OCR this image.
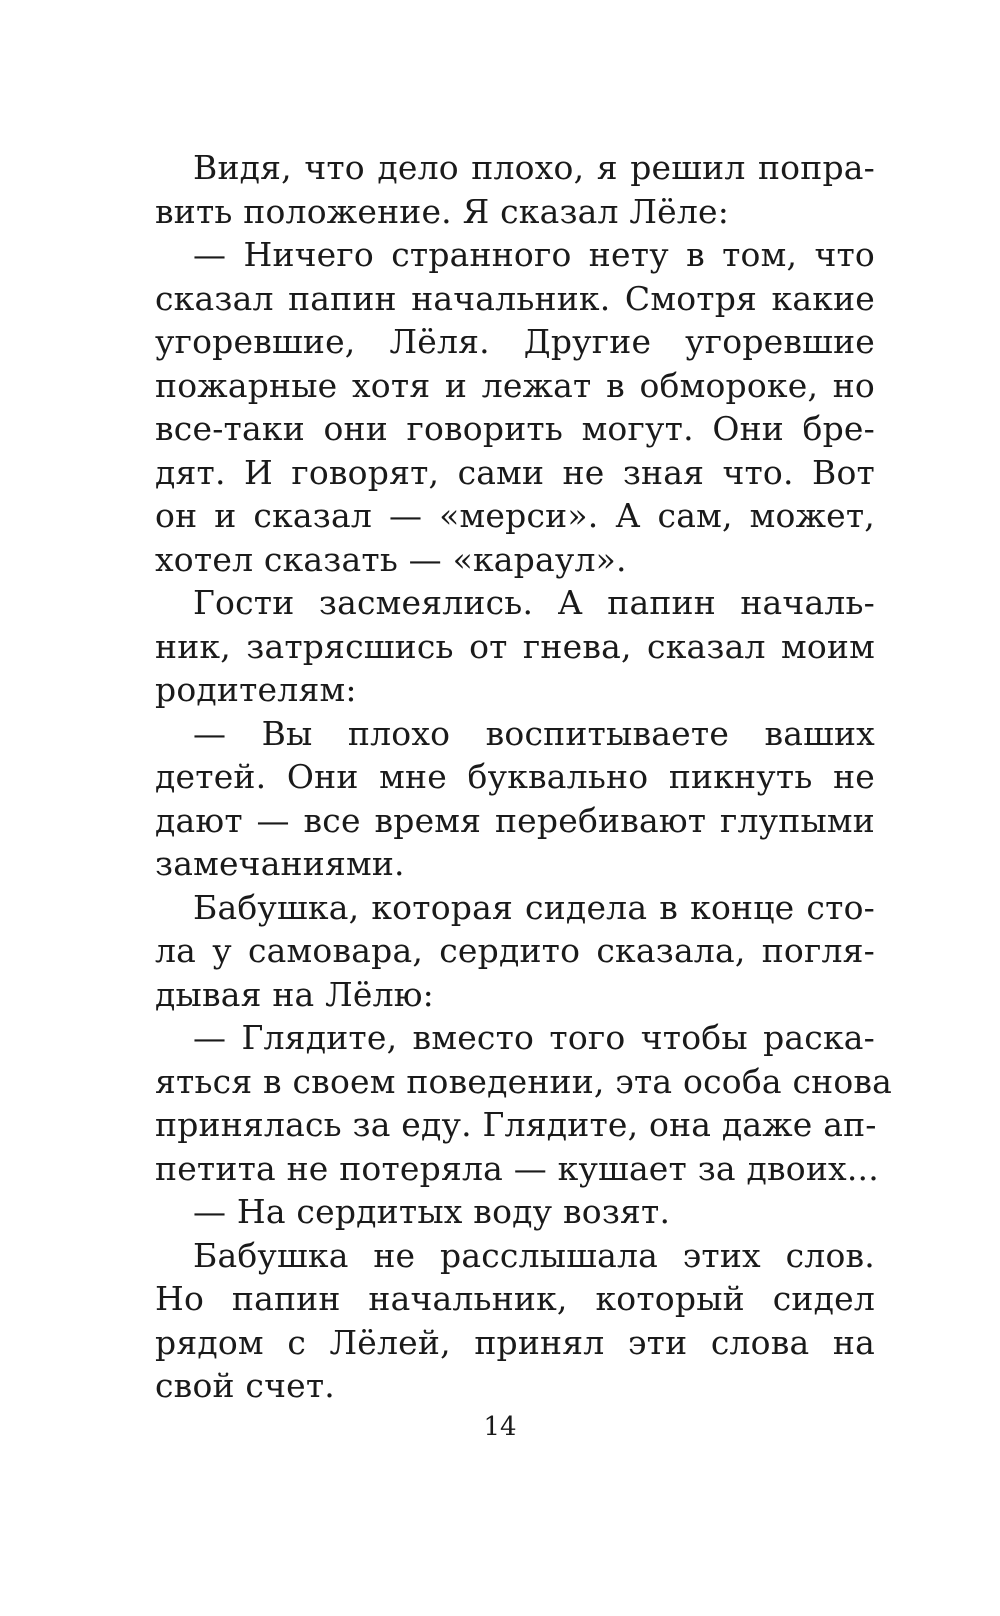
Видя, что дело плохо, я решил попра-
вить положение. Я сказал Лёле:
— Ничего странного нету в том, что
сказал папин начальник. Смотря какие
угоревшие, Лёля. Другие угоревшие
пожарные хотя и лежат в обмороке, но
все-таки они говорить могут. Они бре-
дят. И говорят, сами не зная что. Вот
он и сказал — «мерси». А сам, может,
хотел сказать — «караул».
Гости засмеялись. А папин началь-
ник, затрясшись от гнева, сказал моим
родителям:
— Вы плохо воспитываете ваших
детей. Они мне буквально пикнуть не
дают — все время перебивают глупыми
замечаниями.
Бабушка, которая сидела в конце сто-
ла у самовара, сердито сказала, погля-
дывая на Лёлю:
— Глядите, вместо того чтобы раска-
яться в своем поведении, эта особа снова
принялась за еду. Глядите, она даже ап-
петита не потеряла — кушает за двоих...
— На сердитых воду возят.
Бабушка не расслышала этих слов.
Но папин начальник, который сидел
рядом с Лёлей, принял эти слова на
свой счет.
14
